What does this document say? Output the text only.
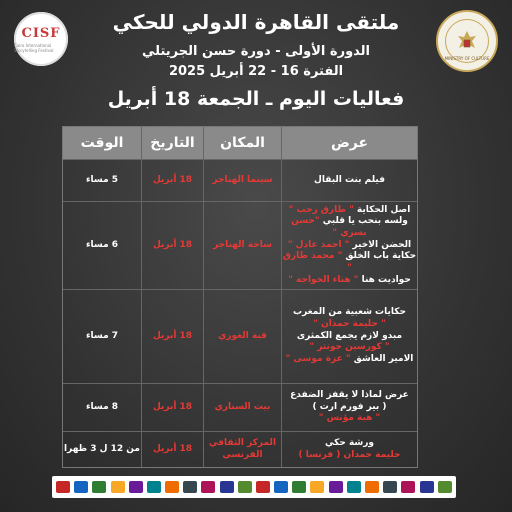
CISF
Cairo International Storytelling Festival
MINISTRY OF CULTURE
ملتقى القاهرة الدولي للحكي
الدورة الأولى - دورة حسن الجريتلي
الفترة 16 - 22 أبريل 2025
فعاليات اليوم ـ الجمعة 18 أبريل
عرض
المكان
التاريخ
الوقت
فيلم بنت البقال
سينما الهناجر
18 أبريل
5 مساء
اصل الحكاية " طارق رجب "
ولسه بنحب يا قلبي "حسن بسري "
الحضن الاخير " احمد عادل "
حكاية باب الخلق " محمد طارق "
حواديت هنا " هناء الخواجة "
ساحة الهناجر
18 أبريل
6 مساء
حكايات شعبية من المغرب
" حليمة حمدان "
مبدو لازم يجمع الكمثرى
" كورسين جونتر "
الامير العاشق " عزة موسى "
قبة الغوري
18 أبريل
7 مساء
عرض لماذا لا يقفز الضفدع
( بير فورم ارت )
" هبة مؤنس "
بيت السناري
18 أبريل
8 مساء
ورشة حكي
حليمة حمدان ( فرنسا )
المركز الثقافي الفرنسي
18 أبريل
من 12 ل 3 ظهرا
